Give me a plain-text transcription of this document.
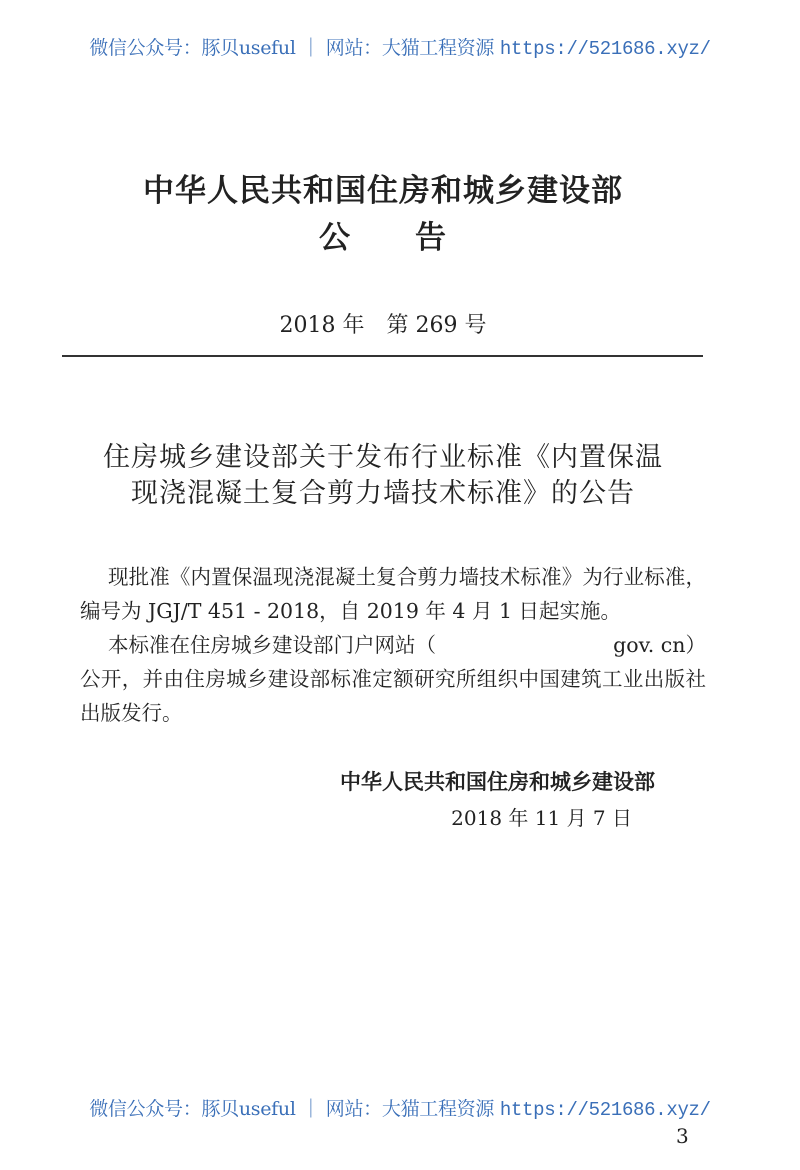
微信公众号：豚贝useful ｜ 网站：大猫工程资源 https://521686.xyz/
中华人民共和国住房和城乡建设部
公　　告
2018 年　第 269 号
住房城乡建设部关于发布行业标准《内置保温
现浇混凝土复合剪力墙技术标准》的公告

现批准《内置保温现浇混凝土复合剪力墙技术标准》为行业标准，编号为 JGJ/T 451 - 2018，自 2019 年 4 月 1 日起实施。

本标准在住房城乡建设部门户网站（	gov. cn）

公开，并由住房城乡建设部标准定额研究所组织中国建筑工业出版社出版发行。
中华人民共和国住房和城乡建设部
2018 年 11 月 7 日
微信公众号：豚贝useful ｜ 网站：大猫工程资源 https://521686.xyz/
3
